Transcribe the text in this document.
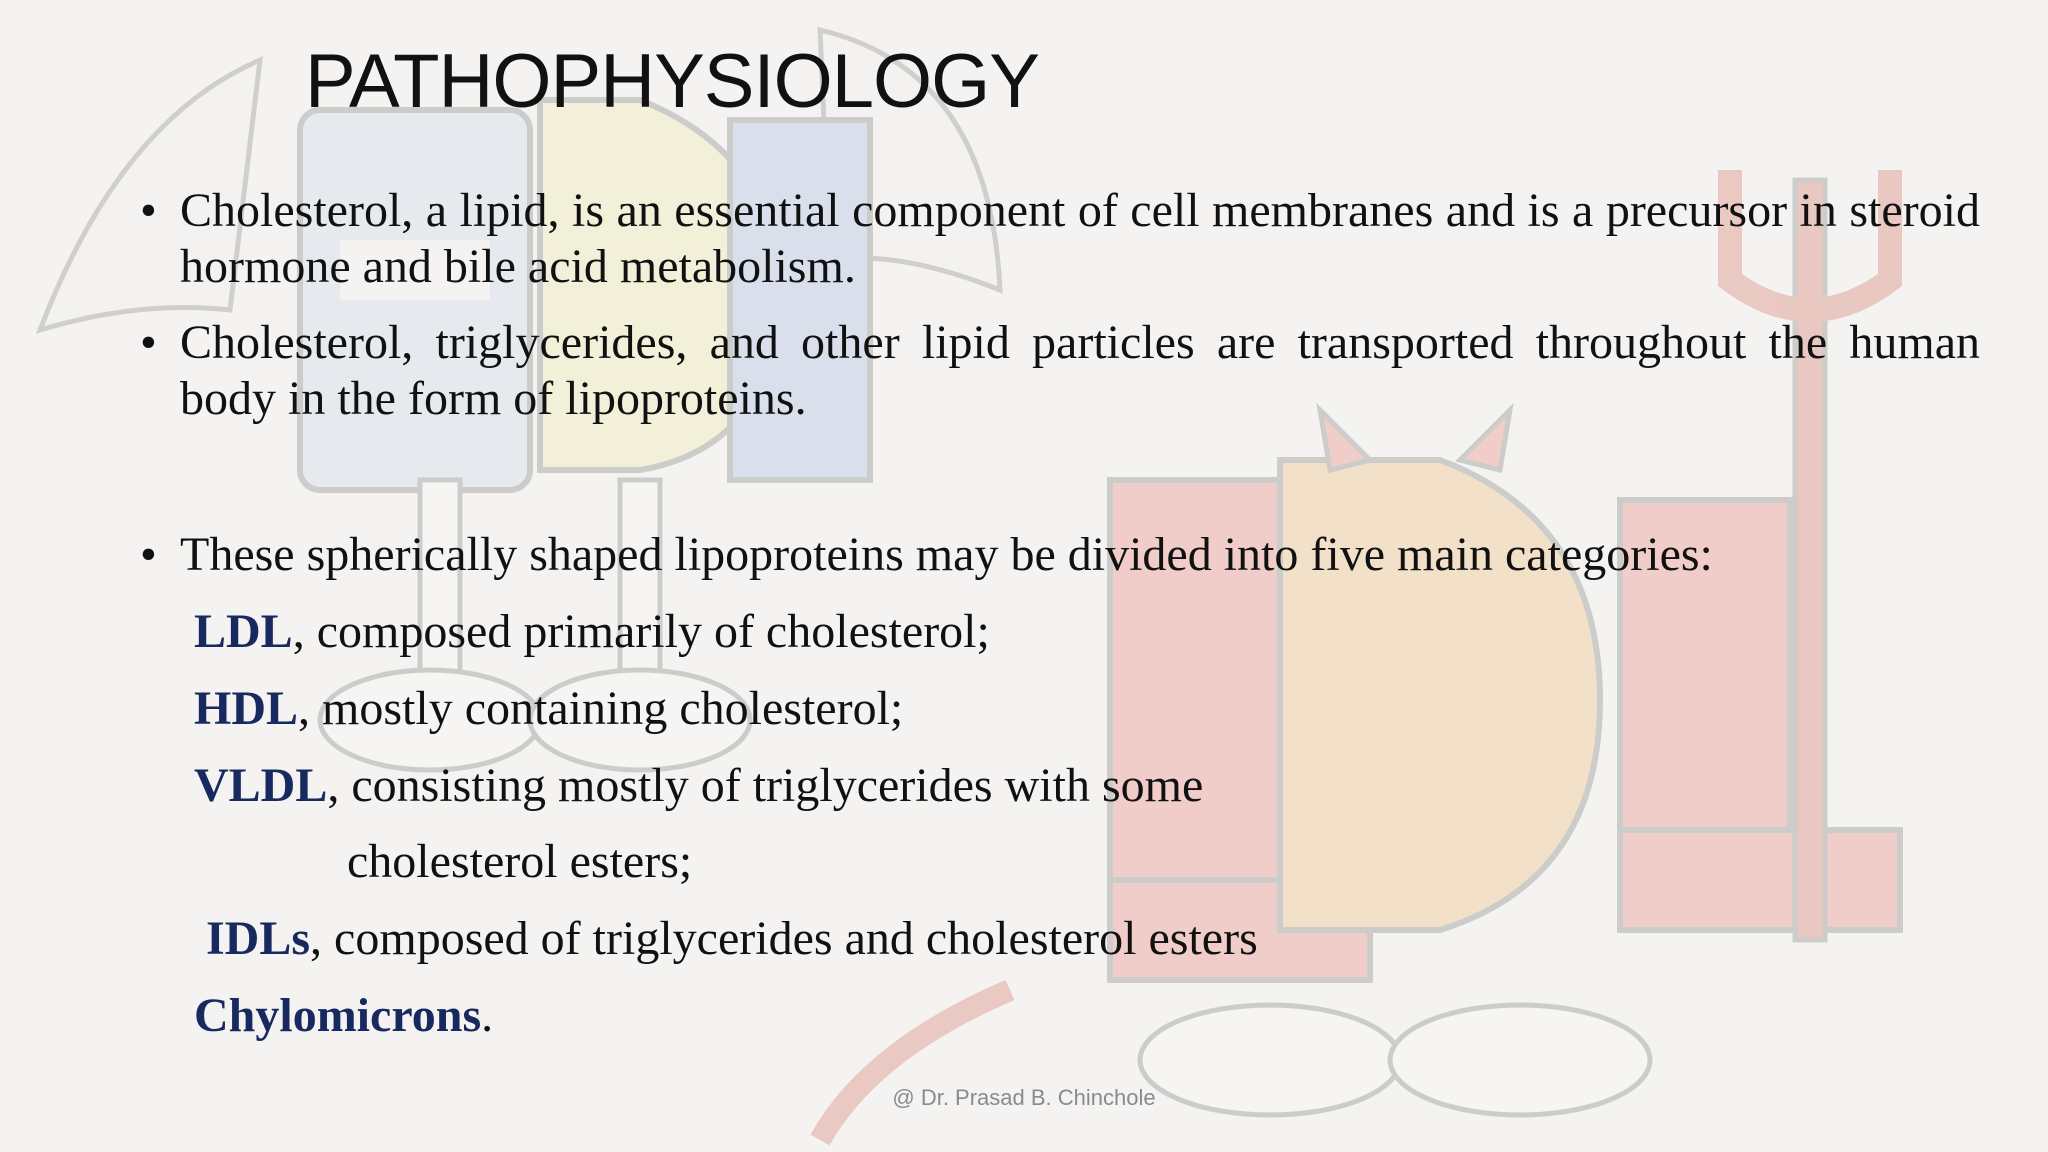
PATHOPHYSIOLOGY
• Cholesterol, a lipid, is an essential component of cell membranes and is a precursor in steroid hormone and bile acid metabolism.
• Cholesterol, triglycerides, and other lipid particles are transported throughout the human body in the form of lipoproteins.
• These spherically shaped lipoproteins may be divided into five main categories:
LDL, composed primarily of cholesterol;
HDL, mostly containing cholesterol;
VLDL, consisting mostly of triglycerides with some
cholesterol esters;
IDLs, composed of triglycerides and cholesterol esters
Chylomicrons.
@ Dr. Prasad B. Chinchole
